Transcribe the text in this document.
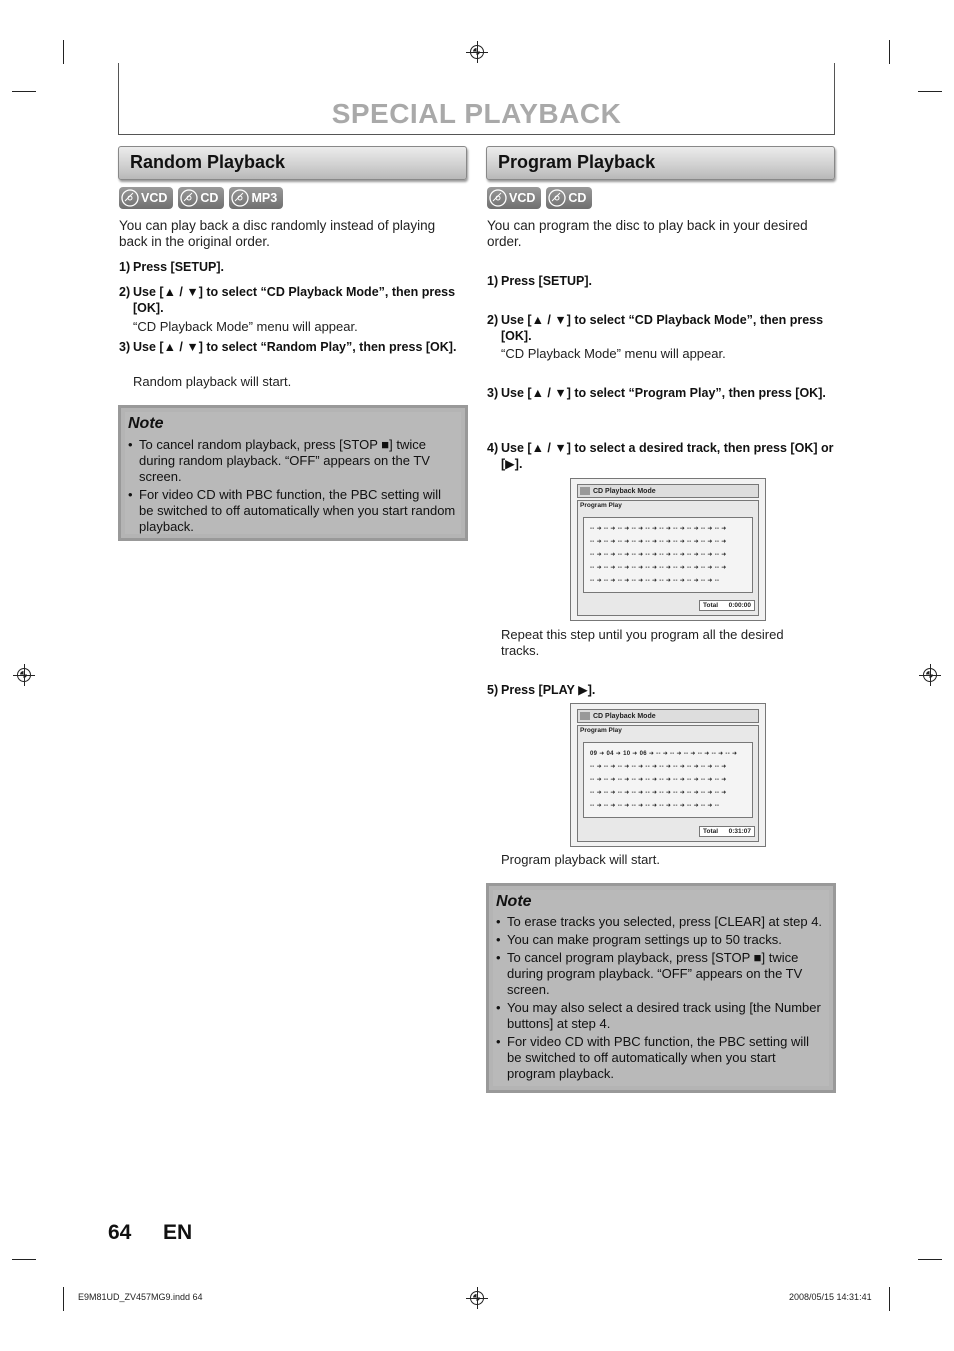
SPECIAL PLAYBACK
Random Playback
VCD	CD	MP3
You can play back a disc randomly instead of playing back in the original order.
1) Press [SETUP].
2) Use [▲ / ▼] to select “CD Playback Mode”, then press [OK].
“CD Playback Mode” menu will appear.
3) Use [▲ / ▼] to select “Random Play”, then press [OK].
Random playback will start.
Note
• To cancel random playback, press [STOP ■] twice during random playback. “OFF” appears on the TV screen.
• For video CD with PBC function, the PBC setting will be switched to off automatically when you start random playback.
Program Playback
VCD	CD
You can program the disc to play back in your desired order.
1) Press [SETUP].
2) Use [▲ / ▼] to select “CD Playback Mode”, then press [OK].
“CD Playback Mode” menu will appear.
3) Use [▲ / ▼] to select “Program Play”, then press [OK].
4) Use [▲ / ▼] to select a desired track, then press [OK] or [▶].
CD Playback Mode
Program Play
-- ➜ -- ➜ -- ➜ -- ➜ -- ➜ -- ➜ -- ➜ -- ➜ -- ➜ -- ➜
-- ➜ -- ➜ -- ➜ -- ➜ -- ➜ -- ➜ -- ➜ -- ➜ -- ➜ -- ➜
-- ➜ -- ➜ -- ➜ -- ➜ -- ➜ -- ➜ -- ➜ -- ➜ -- ➜ -- ➜
-- ➜ -- ➜ -- ➜ -- ➜ -- ➜ -- ➜ -- ➜ -- ➜ -- ➜ -- ➜
-- ➜ -- ➜ -- ➜ -- ➜ -- ➜ -- ➜ -- ➜ -- ➜ -- ➜ --
Total 0:00:00
Repeat this step until you program all the desired tracks.
5) Press [PLAY ▶].
CD Playback Mode
Program Play
09 ➜ 04 ➜ 10 ➜ 06 ➜ -- ➜ -- ➜ -- ➜ -- ➜ -- ➜ -- ➜
-- ➜ -- ➜ -- ➜ -- ➜ -- ➜ -- ➜ -- ➜ -- ➜ -- ➜ -- ➜
-- ➜ -- ➜ -- ➜ -- ➜ -- ➜ -- ➜ -- ➜ -- ➜ -- ➜ -- ➜
-- ➜ -- ➜ -- ➜ -- ➜ -- ➜ -- ➜ -- ➜ -- ➜ -- ➜ -- ➜
-- ➜ -- ➜ -- ➜ -- ➜ -- ➜ -- ➜ -- ➜ -- ➜ -- ➜ --
Total 0:31:07
Program playback will start.
Note
• To erase tracks you selected, press [CLEAR] at step 4.
• You can make program settings up to 50 tracks.
• To cancel program playback, press [STOP ■] twice during program playback. “OFF” appears on the TV screen.
• You may also select a desired track using [the Number buttons] at step 4.
• For video CD with PBC function, the PBC setting will be switched to off automatically when you start program playback.
64 EN
E9M81UD_ZV457MG9.indd 64	2008/05/15 14:31:41
